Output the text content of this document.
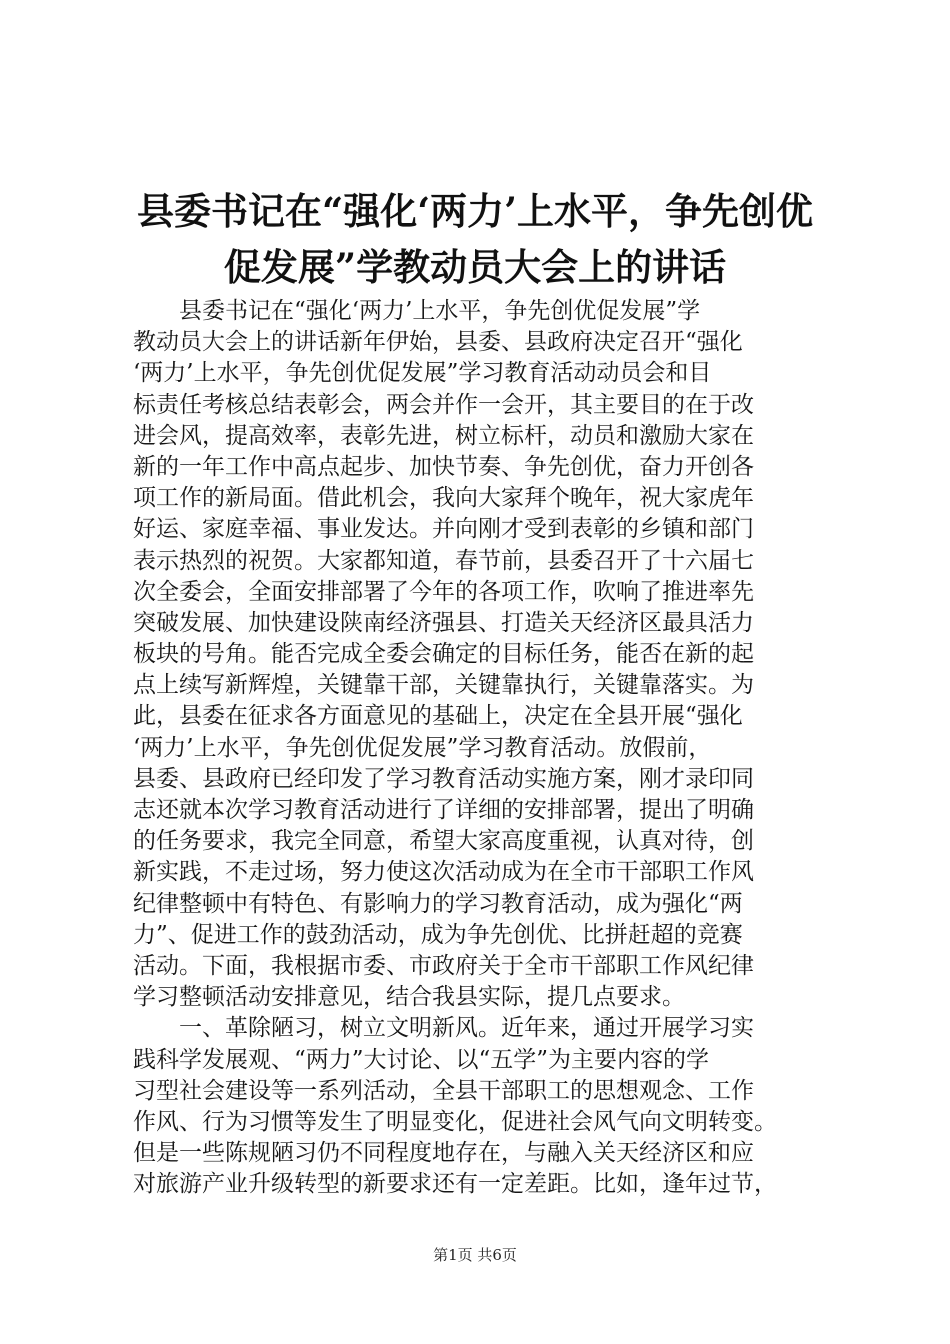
县委书记在“强化‘两力’上水平，争先创优
促发展”学教动员大会上的讲话
　　县委书记在“强化‘两力’上水平，争先创优促发展”学
教动员大会上的讲话新年伊始，县委、县政府决定召开“强化
‘两力’上水平，争先创优促发展”学习教育活动动员会和目
标责任考核总结表彰会，两会并作一会开，其主要目的在于改
进会风，提高效率，表彰先进，树立标杆，动员和激励大家在
新的一年工作中高点起步、加快节奏、争先创优，奋力开创各
项工作的新局面。借此机会，我向大家拜个晚年，祝大家虎年
好运、家庭幸福、事业发达。并向刚才受到表彰的乡镇和部门
表示热烈的祝贺。大家都知道，春节前，县委召开了十六届七
次全委会，全面安排部署了今年的各项工作，吹响了推进率先
突破发展、加快建设陕南经济强县、打造关天经济区最具活力
板块的号角。能否完成全委会确定的目标任务，能否在新的起
点上续写新辉煌，关键靠干部，关键靠执行，关键靠落实。为
此，县委在征求各方面意见的基础上，决定在全县开展“强化
‘两力’上水平，争先创优促发展”学习教育活动。放假前，
县委、县政府已经印发了学习教育活动实施方案，刚才录印同
志还就本次学习教育活动进行了详细的安排部署，提出了明确
的任务要求，我完全同意，希望大家高度重视，认真对待，创
新实践，不走过场，努力使这次活动成为在全市干部职工作风
纪律整顿中有特色、有影响力的学习教育活动，成为强化“两
力”、促进工作的鼓劲活动，成为争先创优、比拼赶超的竞赛
活动。下面，我根据市委、市政府关于全市干部职工作风纪律
学习整顿活动安排意见，结合我县实际，提几点要求。
　　一、革除陋习，树立文明新风。近年来，通过开展学习实
践科学发展观、“两力”大讨论、以“五学”为主要内容的学
习型社会建设等一系列活动，全县干部职工的思想观念、工作
作风、行为习惯等发生了明显变化，促进社会风气向文明转变。
但是一些陈规陋习仍不同程度地存在，与融入关天经济区和应
对旅游产业升级转型的新要求还有一定差距。比如，逢年过节，
第1页 共6页
